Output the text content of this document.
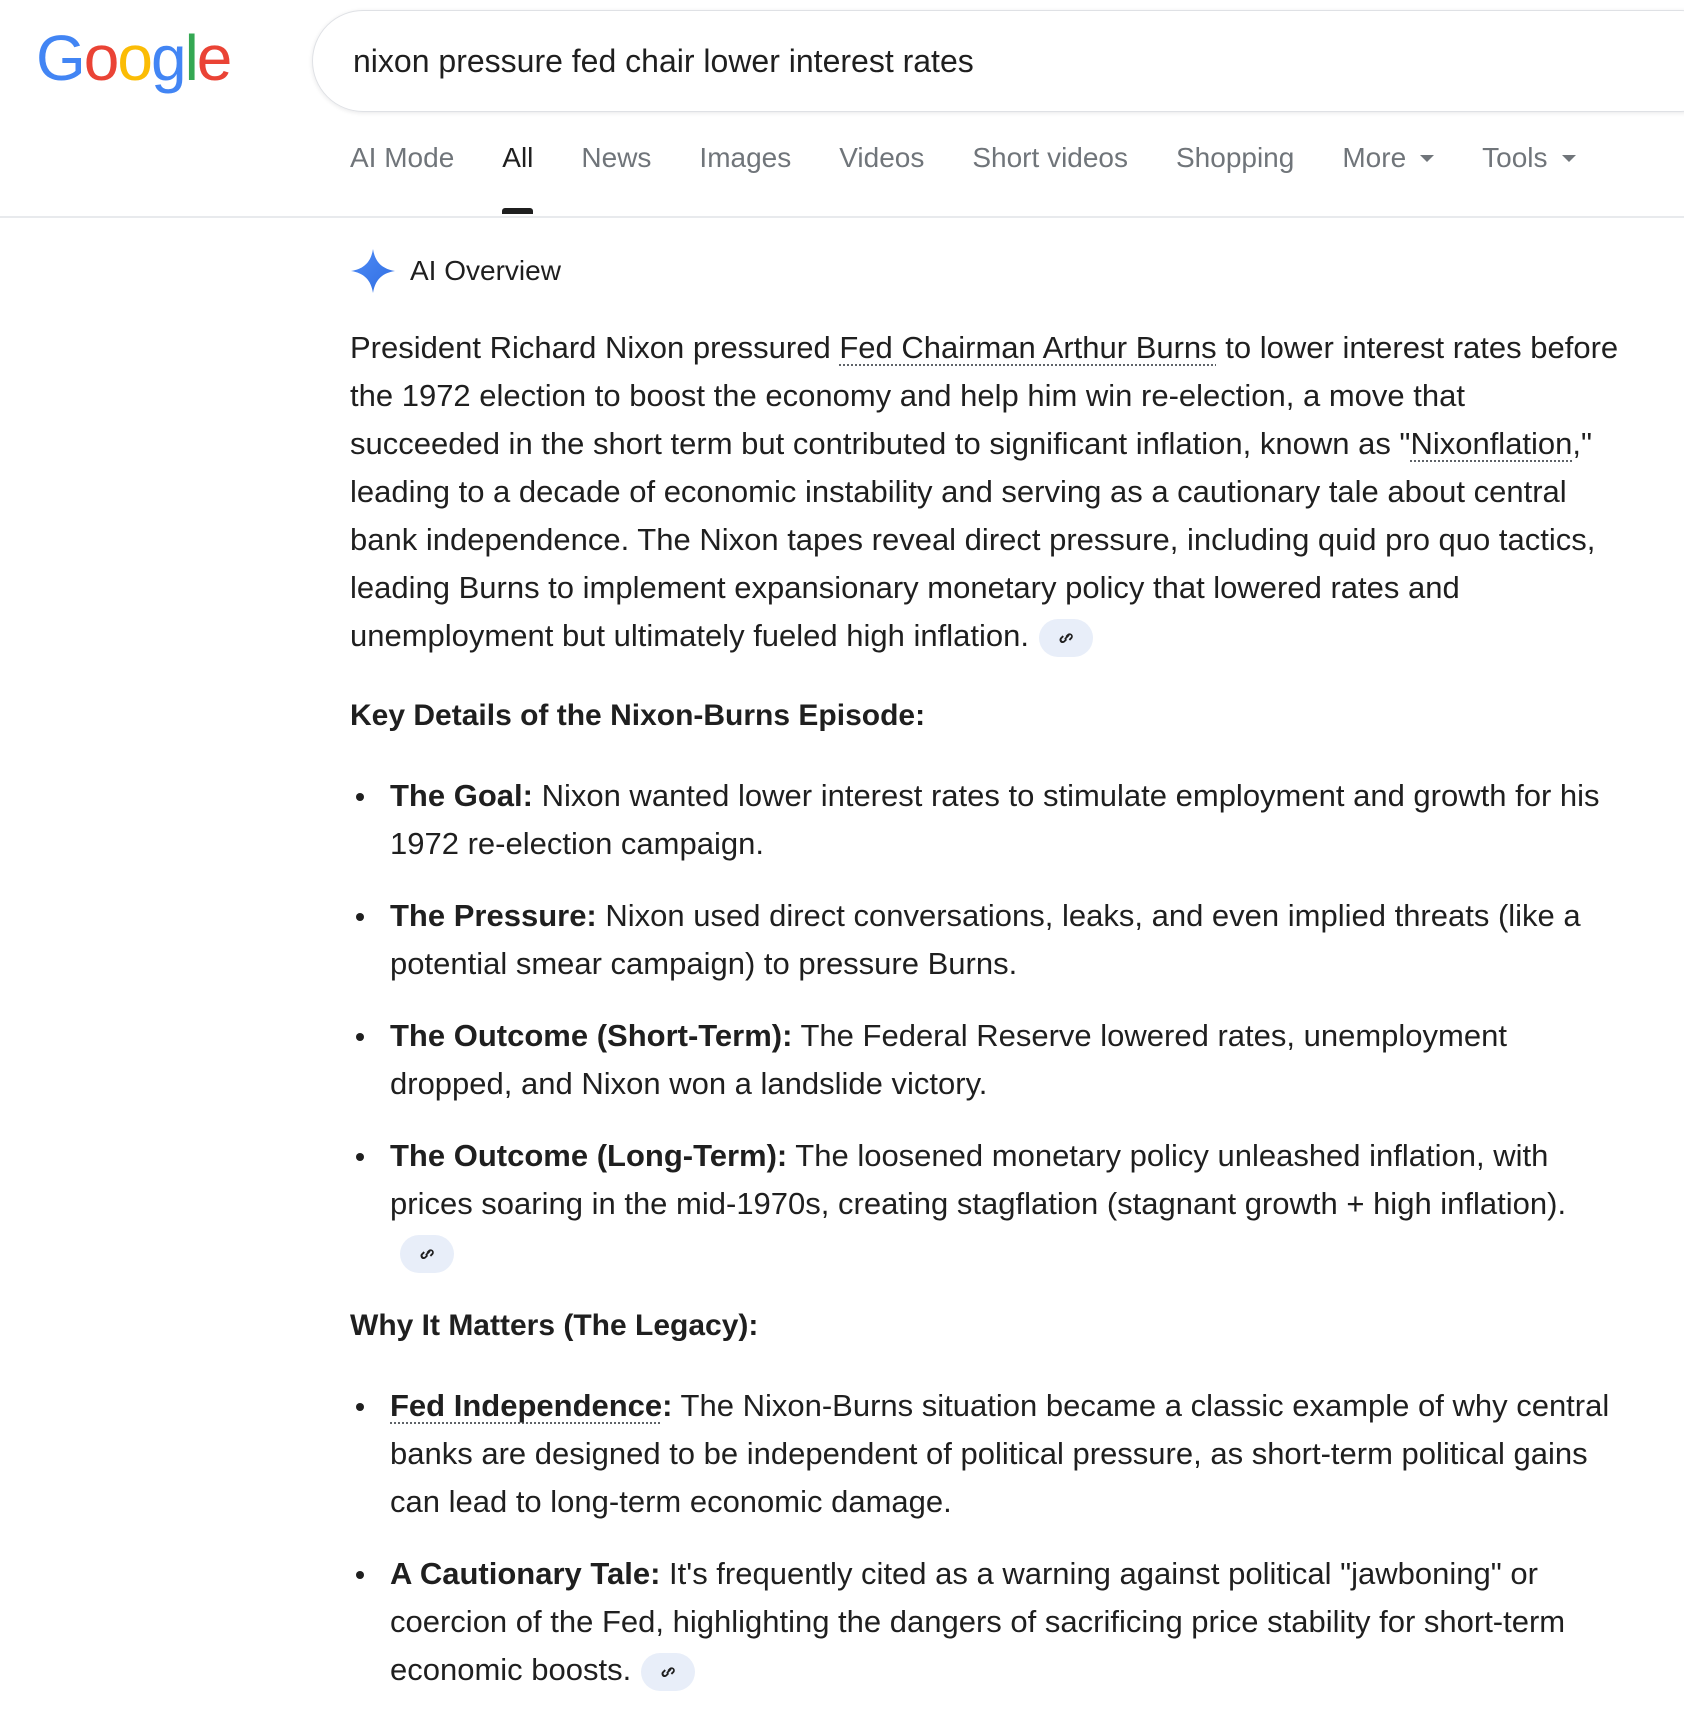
Google
nixon pressure fed chair lower interest rates
AI Mode All News Images Videos Short videos Shopping More	Tools
AI Overview

President Richard Nixon pressured Fed Chairman Arthur Burns to lower interest rates before the 1972 election to boost the economy and help him win re-election, a move that succeeded in the short term but contributed to significant inflation, known as "Nixonflation," leading to a decade of economic instability and serving as a cautionary tale about central bank independence. The Nixon tapes reveal direct pressure, including quid pro quo tactics, leading Burns to implement expansionary monetary policy that lowered rates and unemployment but ultimately fueled high inflation.

Key Details of the Nixon-Burns Episode:
The Goal: Nixon wanted lower interest rates to stimulate employment and growth for his 1972 re-election campaign.
The Pressure: Nixon used direct conversations, leaks, and even implied threats (like a potential smear campaign) to pressure Burns.
The Outcome (Short-Term): The Federal Reserve lowered rates, unemployment dropped, and Nixon won a landslide victory.
The Outcome (Long-Term): The loosened monetary policy unleashed inflation, with prices soaring in the mid-1970s, creating stagflation (stagnant growth + high inflation).
Why It Matters (The Legacy):
Fed Independence: The Nixon-Burns situation became a classic example of why central banks are designed to be independent of political pressure, as short-term political gains can lead to long-term economic damage.
A Cautionary Tale: It's frequently cited as a warning against political "jawboning" or coercion of the Fed, highlighting the dangers of sacrificing price stability for short-term economic boosts.
